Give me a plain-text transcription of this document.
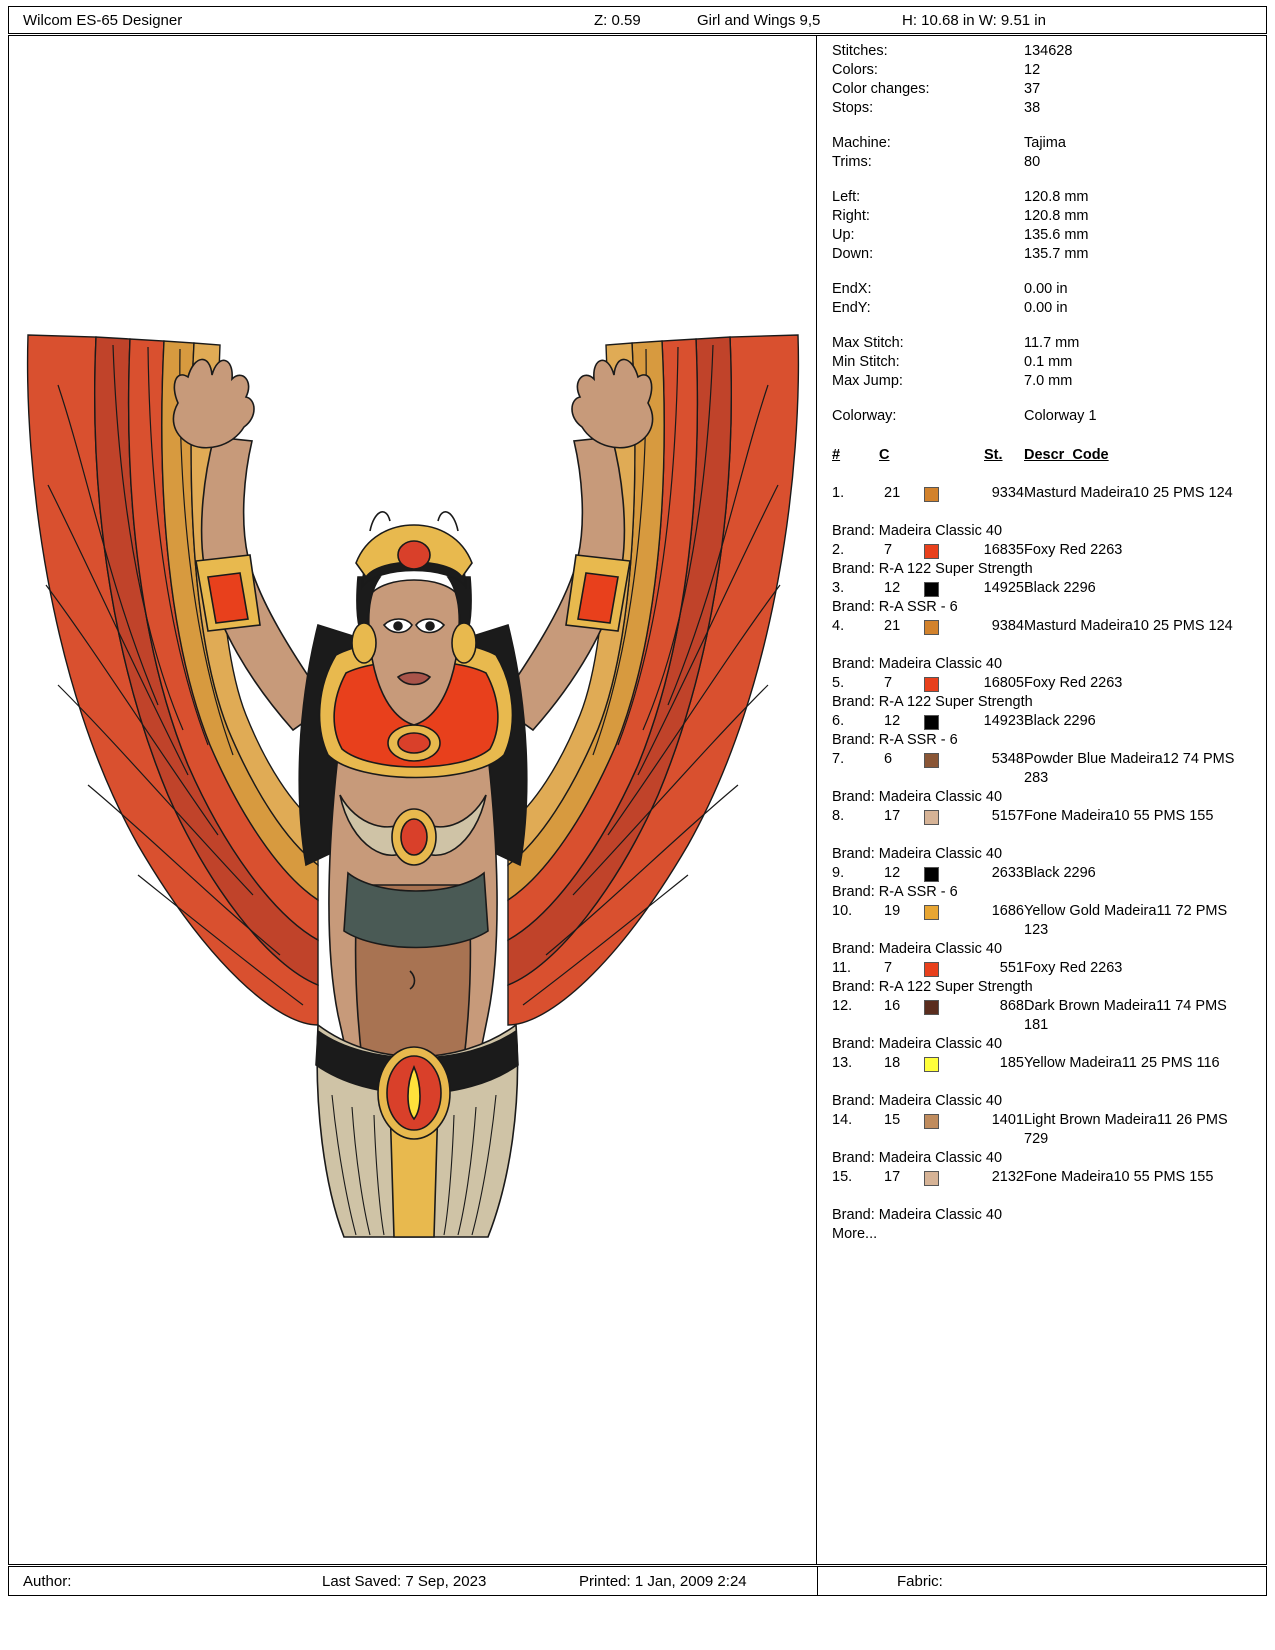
Wilcom ES-65 Designer	Z: 0.59	Girl and Wings 9,5	H: 10.68 in W: 9.51 in
Stitches:	134628
Colors:	12
Color changes:	37
Stops:	38
Machine:	Tajima
Trims:	80
Left:	120.8 mm
Right:	120.8 mm
Up:	135.6 mm
Down:	135.7 mm
EndX:	0.00 in
EndY:	0.00 in
Max Stitch:	11.7 mm
Min Stitch:	0.1 mm
Max Jump:	7.0 mm
Colorway:	Colorway 1
#	C	St. Descr_Code
1.	21	9334 Masturd Madeira10 25 PMS 124
Brand: Madeira Classic 40
2.	7	16835 Foxy Red 2263
Brand: R-A 122 Super Strength
3.	12	14925 Black 2296
Brand: R-A SSR - 6
4.	21	9384 Masturd Madeira10 25 PMS 124
Brand: Madeira Classic 40
5.	7	16805 Foxy Red 2263
Brand: R-A 122 Super Strength
6.	12	14923 Black 2296
Brand: R-A SSR - 6
7.	6	5348 Powder Blue Madeira12 74 PMS 283
Brand: Madeira Classic 40
8.	17	5157 Fone Madeira10 55 PMS 155
Brand: Madeira Classic 40
9.	12	2633 Black 2296
Brand: R-A SSR - 6
10.	19	1686 Yellow Gold Madeira11 72 PMS 123
Brand: Madeira Classic 40
11.	7	551 Foxy Red 2263
Brand: R-A 122 Super Strength
12.	16	868 Dark Brown Madeira11 74 PMS 181
Brand: Madeira Classic 40
13.	18	185 Yellow Madeira11 25 PMS 116
Brand: Madeira Classic 40
14.	15	1401 Light Brown Madeira11 26 PMS 729
Brand: Madeira Classic 40
15.	17	2132 Fone Madeira10 55 PMS 155
Brand: Madeira Classic 40
More...
Author:	Last Saved: 7 Sep, 2023	Printed: 1 Jan, 2009 2:24	Fabric:
